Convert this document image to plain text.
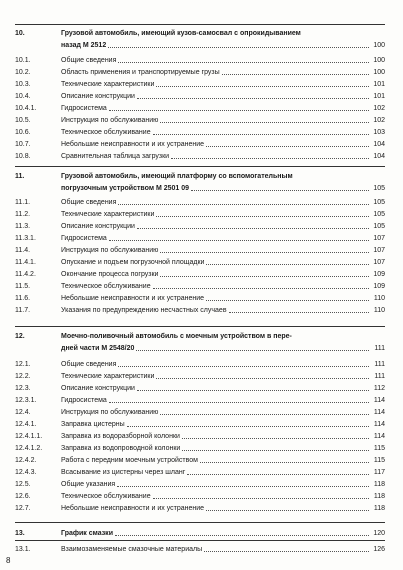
10.	Грузовой автомобиль, имеющий кузов-самосвал с опрокидыванием
назад М 2512	100
10.1.	Общие сведения	100
10.2.	Область применения и транспортируемые грузы	100
10.3.	Технические характеристики	101
10.4.	Описание конструкции	101
10.4.1.	Гидросистема	102
10.5.	Инструкция по обслуживанию	102
10.6.	Техническое обслуживание	103
10.7.	Небольшие неисправности и их устранение	104
10.8.	Сравнительная таблица загрузки	104
11.	Грузовой автомобиль, имеющий платформу со вспомогательным
погрузочным устройством М 2501 09	105
11.1.	Общие сведения	105
11.2.	Технические характеристики	105
11.3.	Описание конструкции	105
11.3.1.	Гидросистема	107
11.4.	Инструкция по обслуживанию	107
11.4.1.	Опускание и подъем погрузочной площадки	107
11.4.2.	Окончание процесса погрузки	109
11.5.	Техническое обслуживание	109
11.6.	Небольшие неисправности и их устранение	110
11.7.	Указания по предупреждению несчастных случаев	110
12.	Моечно-поливочный автомобиль с моечным устройством в пере-
дней части М 2548/20	111
12.1.	Общие сведения	111
12.2.	Технические характеристики	111
12.3.	Описание конструкции	112
12.3.1.	Гидросистема	114
12.4.	Инструкция по обслуживанию	114
12.4.1.	Заправка цистерны	114
12.4.1.1.	Заправка из водоразборной колонки	114
12.4.1.2.	Заправка из водопроводной колонки	115
12.4.2.	Работа с передним моечным устройством	115
12.4.3.	Всасывание из цистерны через шланг	117
12.5.	Общие указания	118
12.6.	Техническое обслуживание	118
12.7.	Небольшие неисправности и их устранение	118
13.	График смазки	120
13.1.	Взаимозаменяемые смазочные материалы	126
8
